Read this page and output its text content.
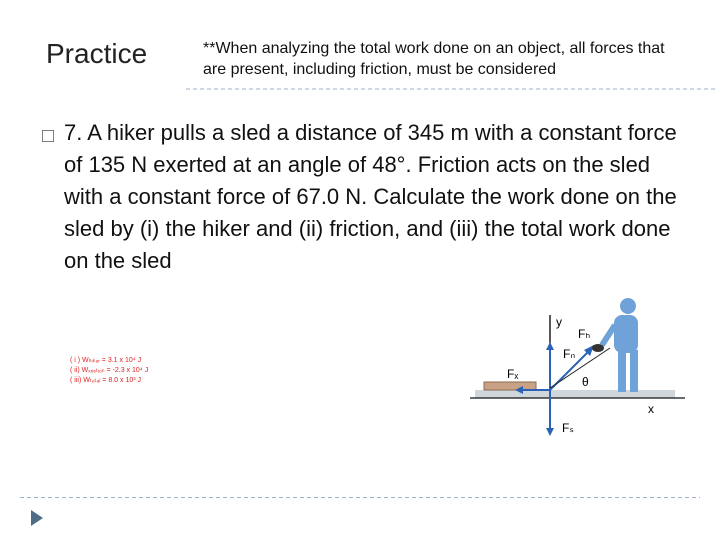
Practice	**When analyzing the total work done on an object, all forces that are present, including friction, must be considered
□ 7. A hiker pulls a sled a distance of 345 m with a constant force of 135 N exerted at an angle of 48°. Friction acts on the sled with a constant force of 67.0 N. Calculate the work done on the sled by (i) the hiker and (ii) friction, and (iii) the total work done on the sled
( i ) Wₕᵢₖₑᵣ = 3.1 x 10⁴ J
( ii) Wₓᵣᵢₑₜᵢₒₙ = -2.3 x 10⁴ J
( iii) Wₜₒₜₐₗ = 8.0 x 10³ J
y
x
Fₕ
Fₙ
Fₓ
Fₛ
θ
